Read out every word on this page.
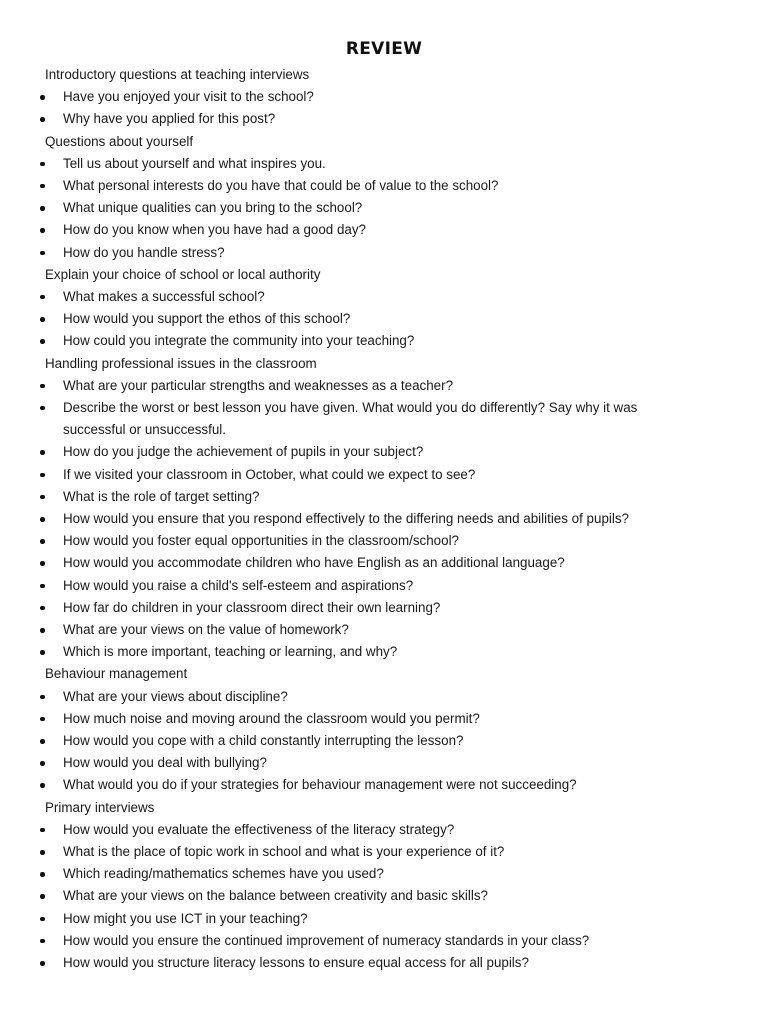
REVIEW
Introductory questions at teaching interviews
Have you enjoyed your visit to the school?
Why have you applied for this post?
Questions about yourself
Tell us about yourself and what inspires you.
What personal interests do you have that could be of value to the school?
What unique qualities can you bring to the school?
How do you know when you have had a good day?
How do you handle stress?
Explain your choice of school or local authority
What makes a successful school?
How would you support the ethos of this school?
How could you integrate the community into your teaching?
Handling professional issues in the classroom
What are your particular strengths and weaknesses as a teacher?
Describe the worst or best lesson you have given. What would you do differently? Say why it was successful or unsuccessful.
How do you judge the achievement of pupils in your subject?
If we visited your classroom in October, what could we expect to see?
What is the role of target setting?
How would you ensure that you respond effectively to the differing needs and abilities of pupils?
How would you foster equal opportunities in the classroom/school?
How would you accommodate children who have English as an additional language?
How would you raise a child's self-esteem and aspirations?
How far do children in your classroom direct their own learning?
What are your views on the value of homework?
Which is more important, teaching or learning, and why?
Behaviour management
What are your views about discipline?
How much noise and moving around the classroom would you permit?
How would you cope with a child constantly interrupting the lesson?
How would you deal with bullying?
What would you do if your strategies for behaviour management were not succeeding?
Primary interviews
How would you evaluate the effectiveness of the literacy strategy?
What is the place of topic work in school and what is your experience of it?
Which reading/mathematics schemes have you used?
What are your views on the balance between creativity and basic skills?
How might you use ICT in your teaching?
How would you ensure the continued improvement of numeracy standards in your class?
How would you structure literacy lessons to ensure equal access for all pupils?
